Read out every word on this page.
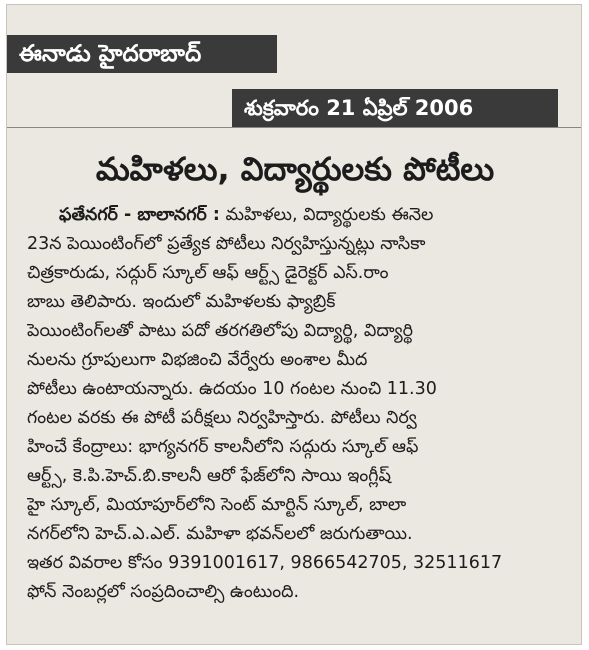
ఈనాడు హైదరాబాద్
శుక్రవారం 21 ఏప్రిల్ 2006
మహిళలు, విద్యార్థులకు పోటీలు
ఫతేనగర్ - బాలానగర్ : మహిళలు, విద్యార్థులకు ఈనెల
23న పెయింటింగ్‌లో ప్రత్యేక పోటీలు నిర్వహిస్తున్నట్లు నాసికా
చిత్రకారుడు, సద్గుర్ స్కూల్ ఆఫ్ ఆర్ట్స్ డైరెక్టర్ ఎస్.రాం
బాబు తెలిపారు. ఇందులో మహిళలకు ఫ్యాబ్రిక్
పెయింటింగ్‌లతో పాటు పదో తరగతిలోపు విద్యార్థి, విద్యార్థి
నులను గ్రూపులుగా విభజించి వేర్వేరు అంశాల మీద
పోటీలు ఉంటాయన్నారు. ఉదయం 10 గంటల నుంచి 11.30
గంటల వరకు ఈ పోటీ పరీక్షలు నిర్వహిస్తారు. పోటీలు నిర్వ
హించే కేంద్రాలు: భాగ్యనగర్ కాలనీలోని సద్గురు స్కూల్ ఆఫ్
ఆర్ట్స్, కె.పి.హెచ్.బి.కాలనీ ఆరో ఫేజ్‌లోని సాయి ఇంగ్లీష్
హై స్కూల్, మియాపూర్‌లోని సెంట్ మార్టిన్ స్కూల్, బాలా
నగర్‌లోని హెచ్.ఎ.ఎల్. మహిళా భవన్‌లలో జరుగుతాయి.
ఇతర వివరాల కోసం 9391001617, 9866542705, 32511617
ఫోన్ నెంబర్లలో సంప్రదించాల్సి ఉంటుంది.
